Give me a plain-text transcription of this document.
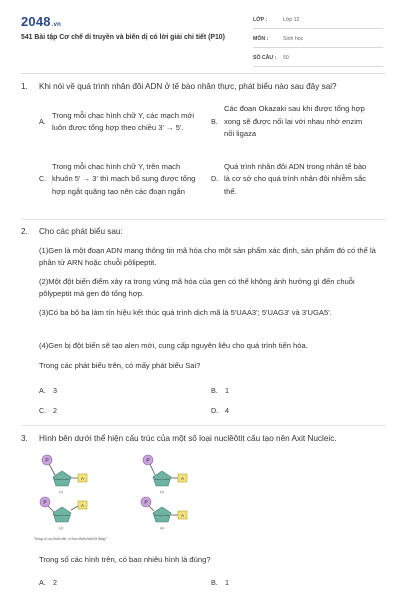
2048.vn
541 Bài tập Cơ chế di truyền và biến dị có lời giải chi tiết (P10)
LỚP :	Lớp 12
MÔN :	Sinh học
SỐ CÂU : 50
1.	Khi nói về quá trình nhân đôi ADN ở tế bào nhân thực, phát biểu nào sau đây sai?
A.
Trong mỗi chạc hình chữ Y, các mạch mới luôn được tổng hợp theo chiều 3' → 5'.
B.
Các đoạn Okazaki sau khi được tổng hợp xong sẽ được nối lại với nhau nhờ enzim nối ligaza
C.
Trong mỗi chạc hình chữ Y, trên mạch khuôn 5' → 3' thì mạch bổ sung được tổng hợp ngắt quãng tạo nên các đoạn ngắn
D.
Quá trình nhân đôi ADN trong nhân tế bào là cơ sở cho quá trình nhân đôi nhiễm sắc thể.
2.	Cho các phát biểu sau:
(1)Gen là một đoạn ADN mang thông tin mã hóa cho một sản phẩm xác định, sản phẩm đó có thể là phân tử ARN hoặc chuỗi pôlipeptit.
(2)Một đột biến điểm xảy ra trong vùng mã hóa của gen có thể không ảnh hưởng gì đến chuỗi pôlypeptit mà gen đó tổng hợp.
(3)Có ba bộ ba làm tín hiệu kết thúc quá trình dịch mã là 5'UAA3'; 5'UAG3' và 3'UGA5'.
(4)Gen bị đột biến sẽ tạo alen mới, cung cấp nguyên liệu cho quá trình tiến hóa.
Trong các phát biểu trên, có mấy phát biểu Sai?
A. 3	B. 1
C. 2	D. 4
3.	Hình bên dưới thể hiện cấu trúc của một số loại nuclêôtit cấu tạo nên Axit Nucleic.
P
Đường Cacbon	A
(1)
P
Đường Cacbon	A
(3)
P
Đường Cacbon
A
(2)
P
Đường Cacbon	A
(4)
Trong số các hình trên, có bao nhiêu hình là đúng?
Trong số các hình trên, có bao nhiêu hình là đúng?
A. 2	B. 1
